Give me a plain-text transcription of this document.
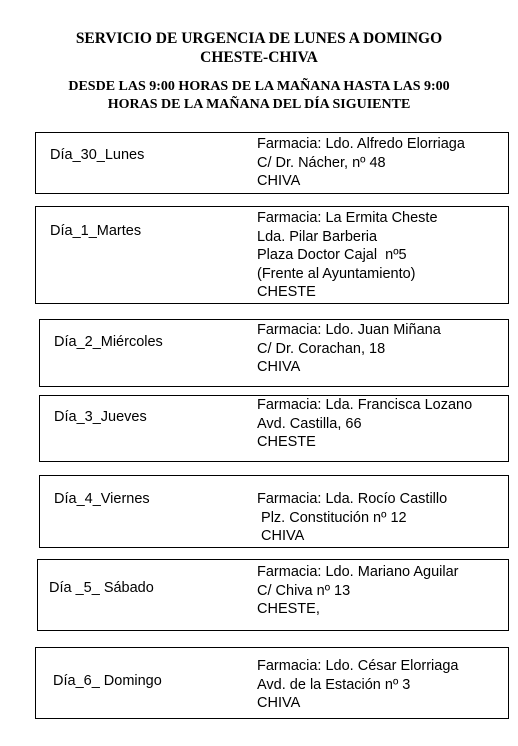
SERVICIO DE URGENCIA DE LUNES A DOMINGO
CHESTE-CHIVA
DESDE LAS 9:00 HORAS DE LA MAÑANA HASTA LAS 9:00
HORAS DE LA MAÑANA DEL DÍA SIGUIENTE
Día_30_Lunes
Farmacia: Ldo. Alfredo Elorriaga
C/ Dr. Nácher, nº 48
CHIVA
Día_1_Martes
Farmacia: La Ermita Cheste
Lda. Pilar Barberia
Plaza Doctor Cajal  nº5
(Frente al Ayuntamiento)
CHESTE
Día_2_Miércoles
Farmacia: Ldo. Juan Miñana
C/ Dr. Corachan, 18
CHIVA
Día_3_Jueves
Farmacia: Lda. Francisca Lozano
Avd. Castilla, 66
CHESTE
Día_4_Viernes	Farmacia: Lda. Rocío Castillo
Plz. Constitución nº 12
CHIVA
Día _5_ Sábado
Farmacia: Ldo. Mariano Aguilar
C/ Chiva nº 13
CHESTE,
Día_6_ Domingo
Farmacia: Ldo. César Elorriaga
Avd. de la Estación nº 3
CHIVA
